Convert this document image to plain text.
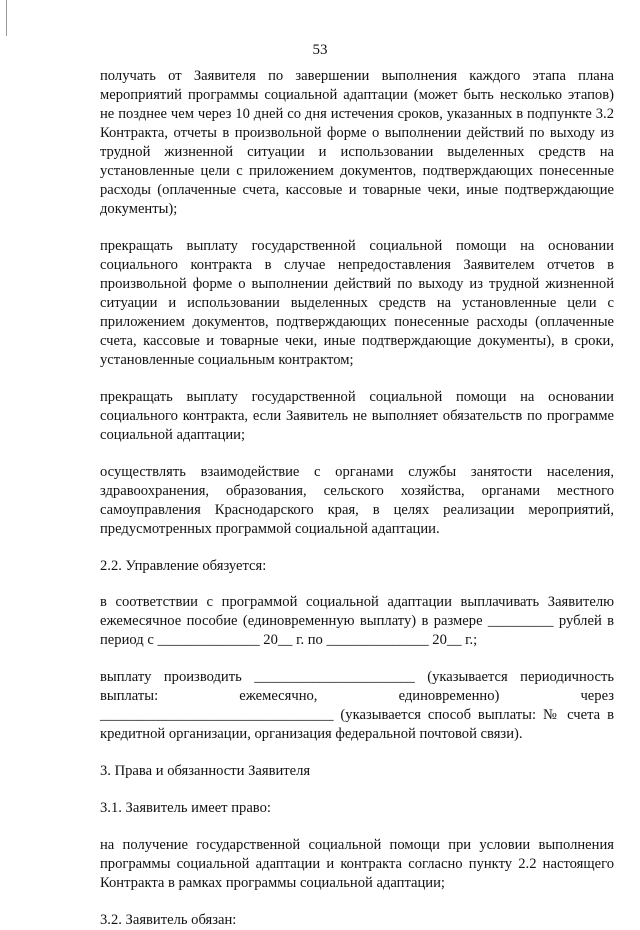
53

получать от Заявителя по завершении выполнения каждого этапа плана мероприятий программы социальной адаптации (может быть несколько этапов) не позднее чем через 10 дней со дня истечения сроков, указанных в подпункте 3.2 Контракта, отчеты в произвольной форме о выполнении действий по выходу из трудной жизненной ситуации и использовании выделенных средств на установленные цели с приложением документов, подтверждающих понесенные расходы (оплаченные счета, кассовые и товарные чеки, иные подтверждающие документы);

прекращать выплату государственной социальной помощи на основании социального контракта в случае непредоставления Заявителем отчетов в произвольной форме о выполнении действий по выходу из трудной жизненной ситуации и использовании выделенных средств на установленные цели с приложением документов, подтверждающих понесенные расходы (оплаченные счета, кассовые и товарные чеки, иные подтверждающие документы), в сроки, установленные социальным контрактом;

прекращать выплату государственной социальной помощи на основании социального контракта, если Заявитель не выполняет обязательств по программе социальной адаптации;

осуществлять взаимодействие с органами службы занятости населения, здравоохранения, образования, сельского хозяйства, органами местного самоуправления Краснодарского края, в целях реализации мероприятий, предусмотренных программой социальной адаптации.

2.2. Управление обязуется:

в соответствии с программой социальной адаптации выплачивать Заявителю ежемесячное пособие (единовременную выплату) в размере _________ рублей в период с ______________ 20__ г. по ______________ 20__ г.;

выплату производить ______________________ (указывается периодичность выплаты: ежемесячно, единовременно) через ________________________________ (указывается способ выплаты: № счета в кредитной организации, организация федеральной почтовой связи).

3. Права и обязанности Заявителя

3.1. Заявитель имеет право:

на получение государственной социальной помощи при условии выполнения программы социальной адаптации и контракта согласно пункту 2.2 настоящего Контракта в рамках программы социальной адаптации;

3.2. Заявитель обязан:
